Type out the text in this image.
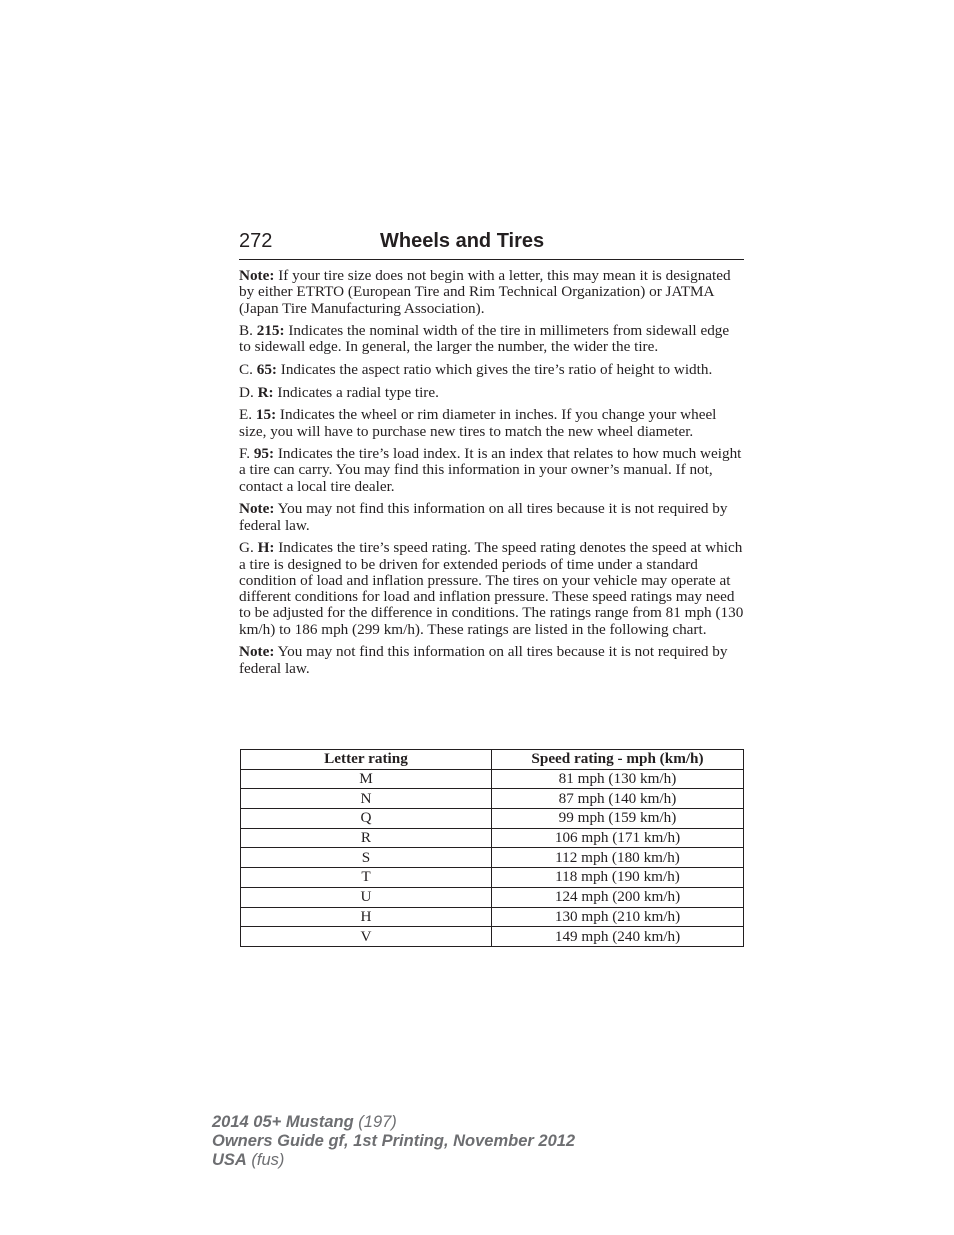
272	Wheels and Tires

Note: If your tire size does not begin with a letter, this may mean it is designated by either ETRTO (European Tire and Rim Technical Organization) or JATMA (Japan Tire Manufacturing Association).

B. 215: Indicates the nominal width of the tire in millimeters from sidewall edge to sidewall edge. In general, the larger the number, the wider the tire.

C. 65: Indicates the aspect ratio which gives the tire’s ratio of height to width.

D. R: Indicates a radial type tire.

E. 15: Indicates the wheel or rim diameter in inches. If you change your wheel size, you will have to purchase new tires to match the new wheel diameter.

F. 95: Indicates the tire’s load index. It is an index that relates to how much weight a tire can carry. You may find this information in your owner’s manual. If not, contact a local tire dealer.

Note: You may not find this information on all tires because it is not required by federal law.

G. H: Indicates the tire’s speed rating. The speed rating denotes the speed at which a tire is designed to be driven for extended periods of time under a standard condition of load and inflation pressure. The tires on your vehicle may operate at different conditions for load and inflation pressure. These speed ratings may need to be adjusted for the difference in conditions. The ratings range from 81 mph (130 km/h) to 186 mph (299 km/h). These ratings are listed in the following chart.

Note: You may not find this information on all tires because it is not required by federal law.

Letter rating	Speed rating - mph (km/h)
M	81 mph (130 km/h)
N	87 mph (140 km/h)
Q	99 mph (159 km/h)
R	106 mph (171 km/h)
S	112 mph (180 km/h)
T	118 mph (190 km/h)
U	124 mph (200 km/h)
H	130 mph (210 km/h)
V	149 mph (240 km/h)
2014 05+ Mustang (197)
Owners Guide gf, 1st Printing, November 2012
USA (fus)
